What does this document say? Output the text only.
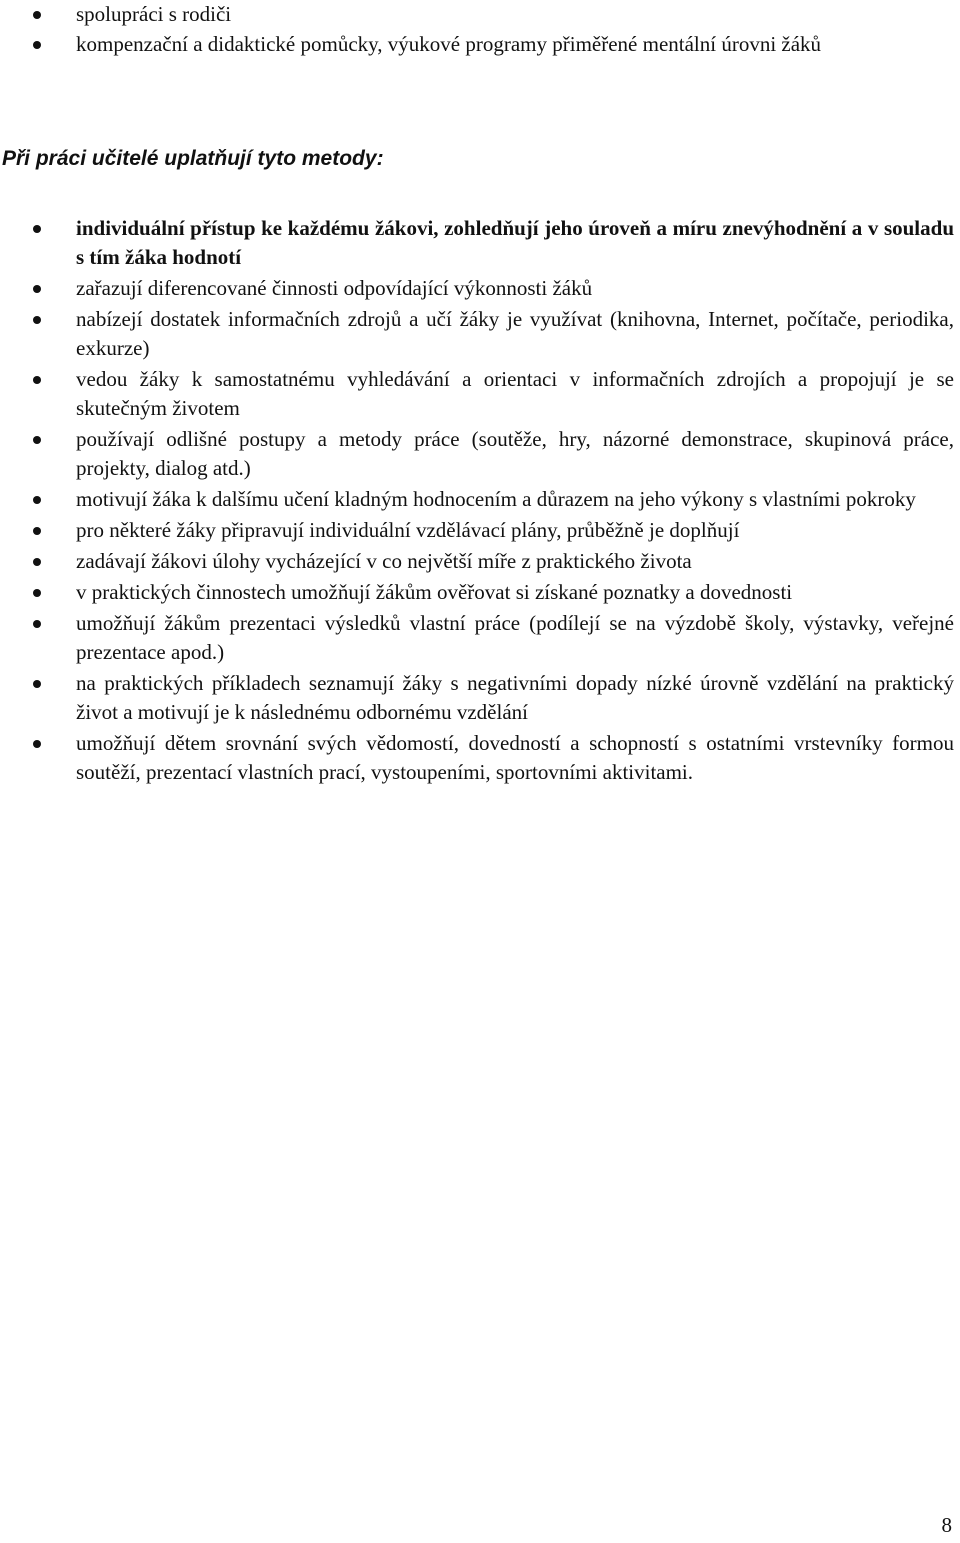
spolupráci s rodiči
kompenzační a didaktické pomůcky, výukové programy přiměřené mentální úrovni žáků

Při práci učitelé uplatňují tyto metody:

individuální přístup ke každému žákovi, zohledňují jeho úroveň a míru znevýhodnění a v souladu s tím žáka hodnotí
zařazují diferencované činnosti odpovídající výkonnosti žáků
nabízejí dostatek informačních zdrojů a učí žáky je využívat (knihovna, Internet, počítače, periodika, exkurze)
vedou žáky k samostatnému vyhledávání a orientaci v informačních zdrojích a propojují je se skutečným životem
používají odlišné postupy a metody práce (soutěže, hry, názorné demonstrace, skupinová práce, projekty, dialog atd.)
motivují žáka k dalšímu učení kladným hodnocením a důrazem na jeho výkony s vlastními pokroky
pro některé žáky připravují individuální vzdělávací plány, průběžně je doplňují
zadávají žákovi úlohy vycházející v co největší míře z praktického života
v praktických činnostech umožňují žákům ověřovat si získané poznatky a dovednosti
umožňují žákům prezentaci výsledků vlastní práce (podílejí se na výzdobě školy, výstavky, veřejné prezentace apod.)
na praktických příkladech seznamují žáky s negativními dopady nízké úrovně vzdělání na praktický život a motivují je k následnému odbornému vzdělání
umožňují dětem srovnání svých vědomostí, dovedností a schopností s ostatními vrstevníky formou soutěží, prezentací vlastních prací, vystoupeními, sportovními aktivitami.
8
